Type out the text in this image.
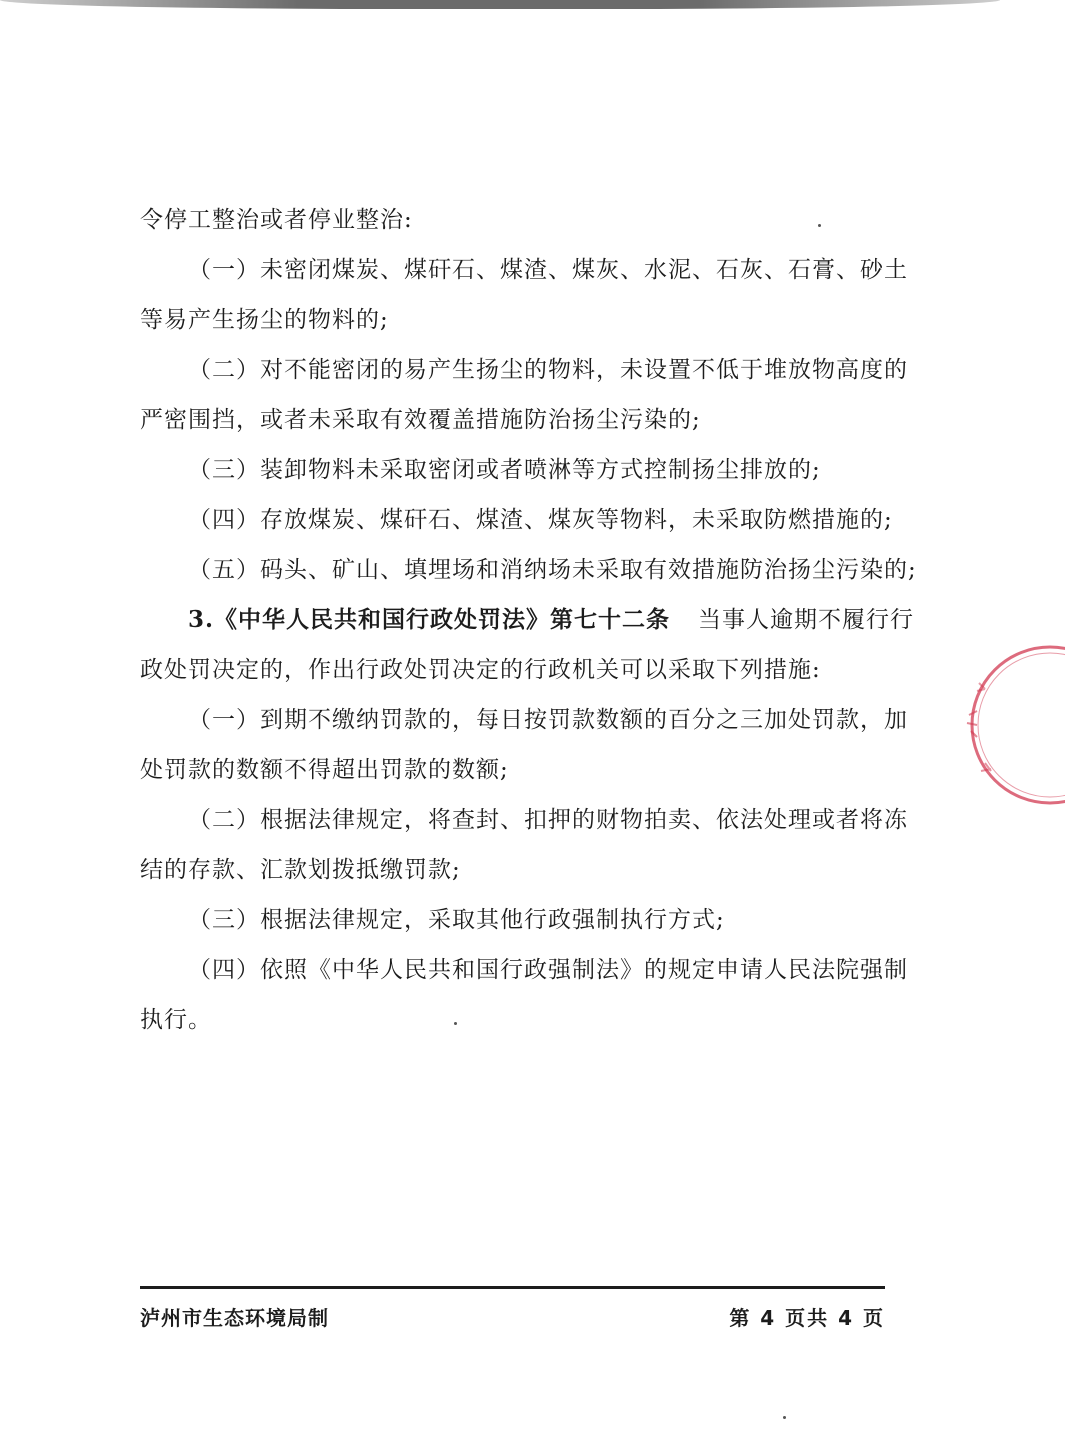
令停工整治或者停业整治:
（一）未密闭煤炭、煤矸石、煤渣、煤灰、水泥、石灰、石膏、砂土
等易产生扬尘的物料的;
（二）对不能密闭的易产生扬尘的物料，未设置不低于堆放物高度的
严密围挡，或者未采取有效覆盖措施防治扬尘污染的;
（三）装卸物料未采取密闭或者喷淋等方式控制扬尘排放的;
（四）存放煤炭、煤矸石、煤渣、煤灰等物料，未采取防燃措施的;
（五）码头、矿山、填埋场和消纳场未采取有效措施防治扬尘污染的;
3.《中华人民共和国行政处罚法》第七十二条 当事人逾期不履行行
政处罚决定的，作出行政处罚决定的行政机关可以采取下列措施:
（一）到期不缴纳罚款的，每日按罚款数额的百分之三加处罚款，加
处罚款的数额不得超出罚款的数额;
（二）根据法律规定，将查封、扣押的财物拍卖、依法处理或者将冻
结的存款、汇款划拨抵缴罚款;
（三）根据法律规定，采取其他行政强制执行方式;
（四）依照《中华人民共和国行政强制法》的规定申请人民法院强制
执行。
泸州市生态环境局制	第 4 页共 4 页
